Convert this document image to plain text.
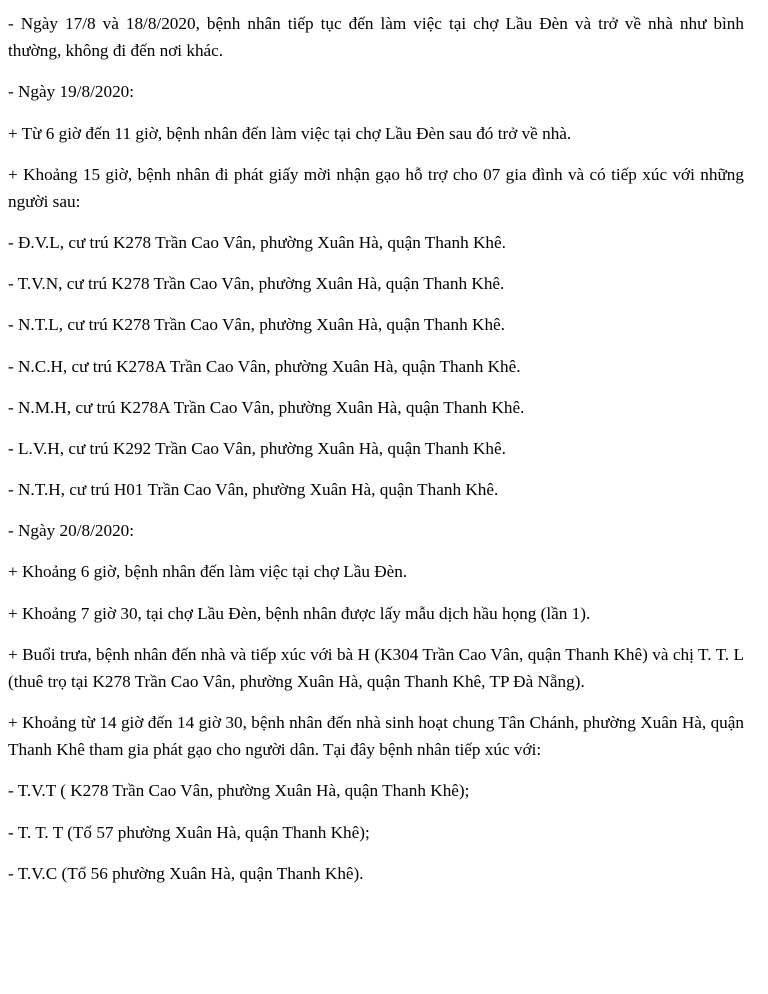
- Ngày 17/8 và 18/8/2020, bệnh nhân tiếp tục đến làm việc tại chợ Lầu Đèn và trở về nhà như bình thường, không đi đến nơi khác.

- Ngày 19/8/2020:

+ Từ 6 giờ đến 11 giờ, bệnh nhân đến làm việc tại chợ Lầu Đèn sau đó trở về nhà.

+ Khoảng 15 giờ, bệnh nhân đi phát giấy mời nhận gạo hỗ trợ cho 07 gia đình và có tiếp xúc với những người sau:

- Đ.V.L, cư trú K278 Trần Cao Vân, phường Xuân Hà, quận Thanh Khê.

- T.V.N, cư trú K278 Trần Cao Vân, phường Xuân Hà, quận Thanh Khê.

- N.T.L, cư trú K278 Trần Cao Vân, phường Xuân Hà, quận Thanh Khê.

- N.C.H, cư trú K278A Trần Cao Vân, phường Xuân Hà, quận Thanh Khê.

- N.M.H, cư trú K278A Trần Cao Vân, phường Xuân Hà, quận Thanh Khê.

- L.V.H, cư trú K292 Trần Cao Vân, phường Xuân Hà, quận Thanh Khê.

- N.T.H, cư trú H01 Trần Cao Vân, phường Xuân Hà, quận Thanh Khê.

- Ngày 20/8/2020:

+ Khoảng 6 giờ, bệnh nhân đến làm việc tại chợ Lầu Đèn.

+ Khoảng 7 giờ 30, tại chợ Lầu Đèn, bệnh nhân được lấy mẫu dịch hầu họng (lần 1).

+ Buổi trưa, bệnh nhân đến nhà và tiếp xúc với bà H (K304 Trần Cao Vân, quận Thanh Khê) và chị T. T. L (thuê trọ tại K278 Trần Cao Vân, phường Xuân Hà, quận Thanh Khê, TP Đà Nẵng).

+ Khoảng từ 14 giờ đến 14 giờ 30, bệnh nhân đến nhà sinh hoạt chung Tân Chánh, phường Xuân Hà, quận Thanh Khê tham gia phát gạo cho người dân. Tại đây bệnh nhân tiếp xúc với:

- T.V.T ( K278 Trần Cao Vân, phường Xuân Hà, quận Thanh Khê);

- T. T. T (Tổ 57 phường Xuân Hà, quận Thanh Khê);

- T.V.C (Tổ 56 phường Xuân Hà, quận Thanh Khê).
